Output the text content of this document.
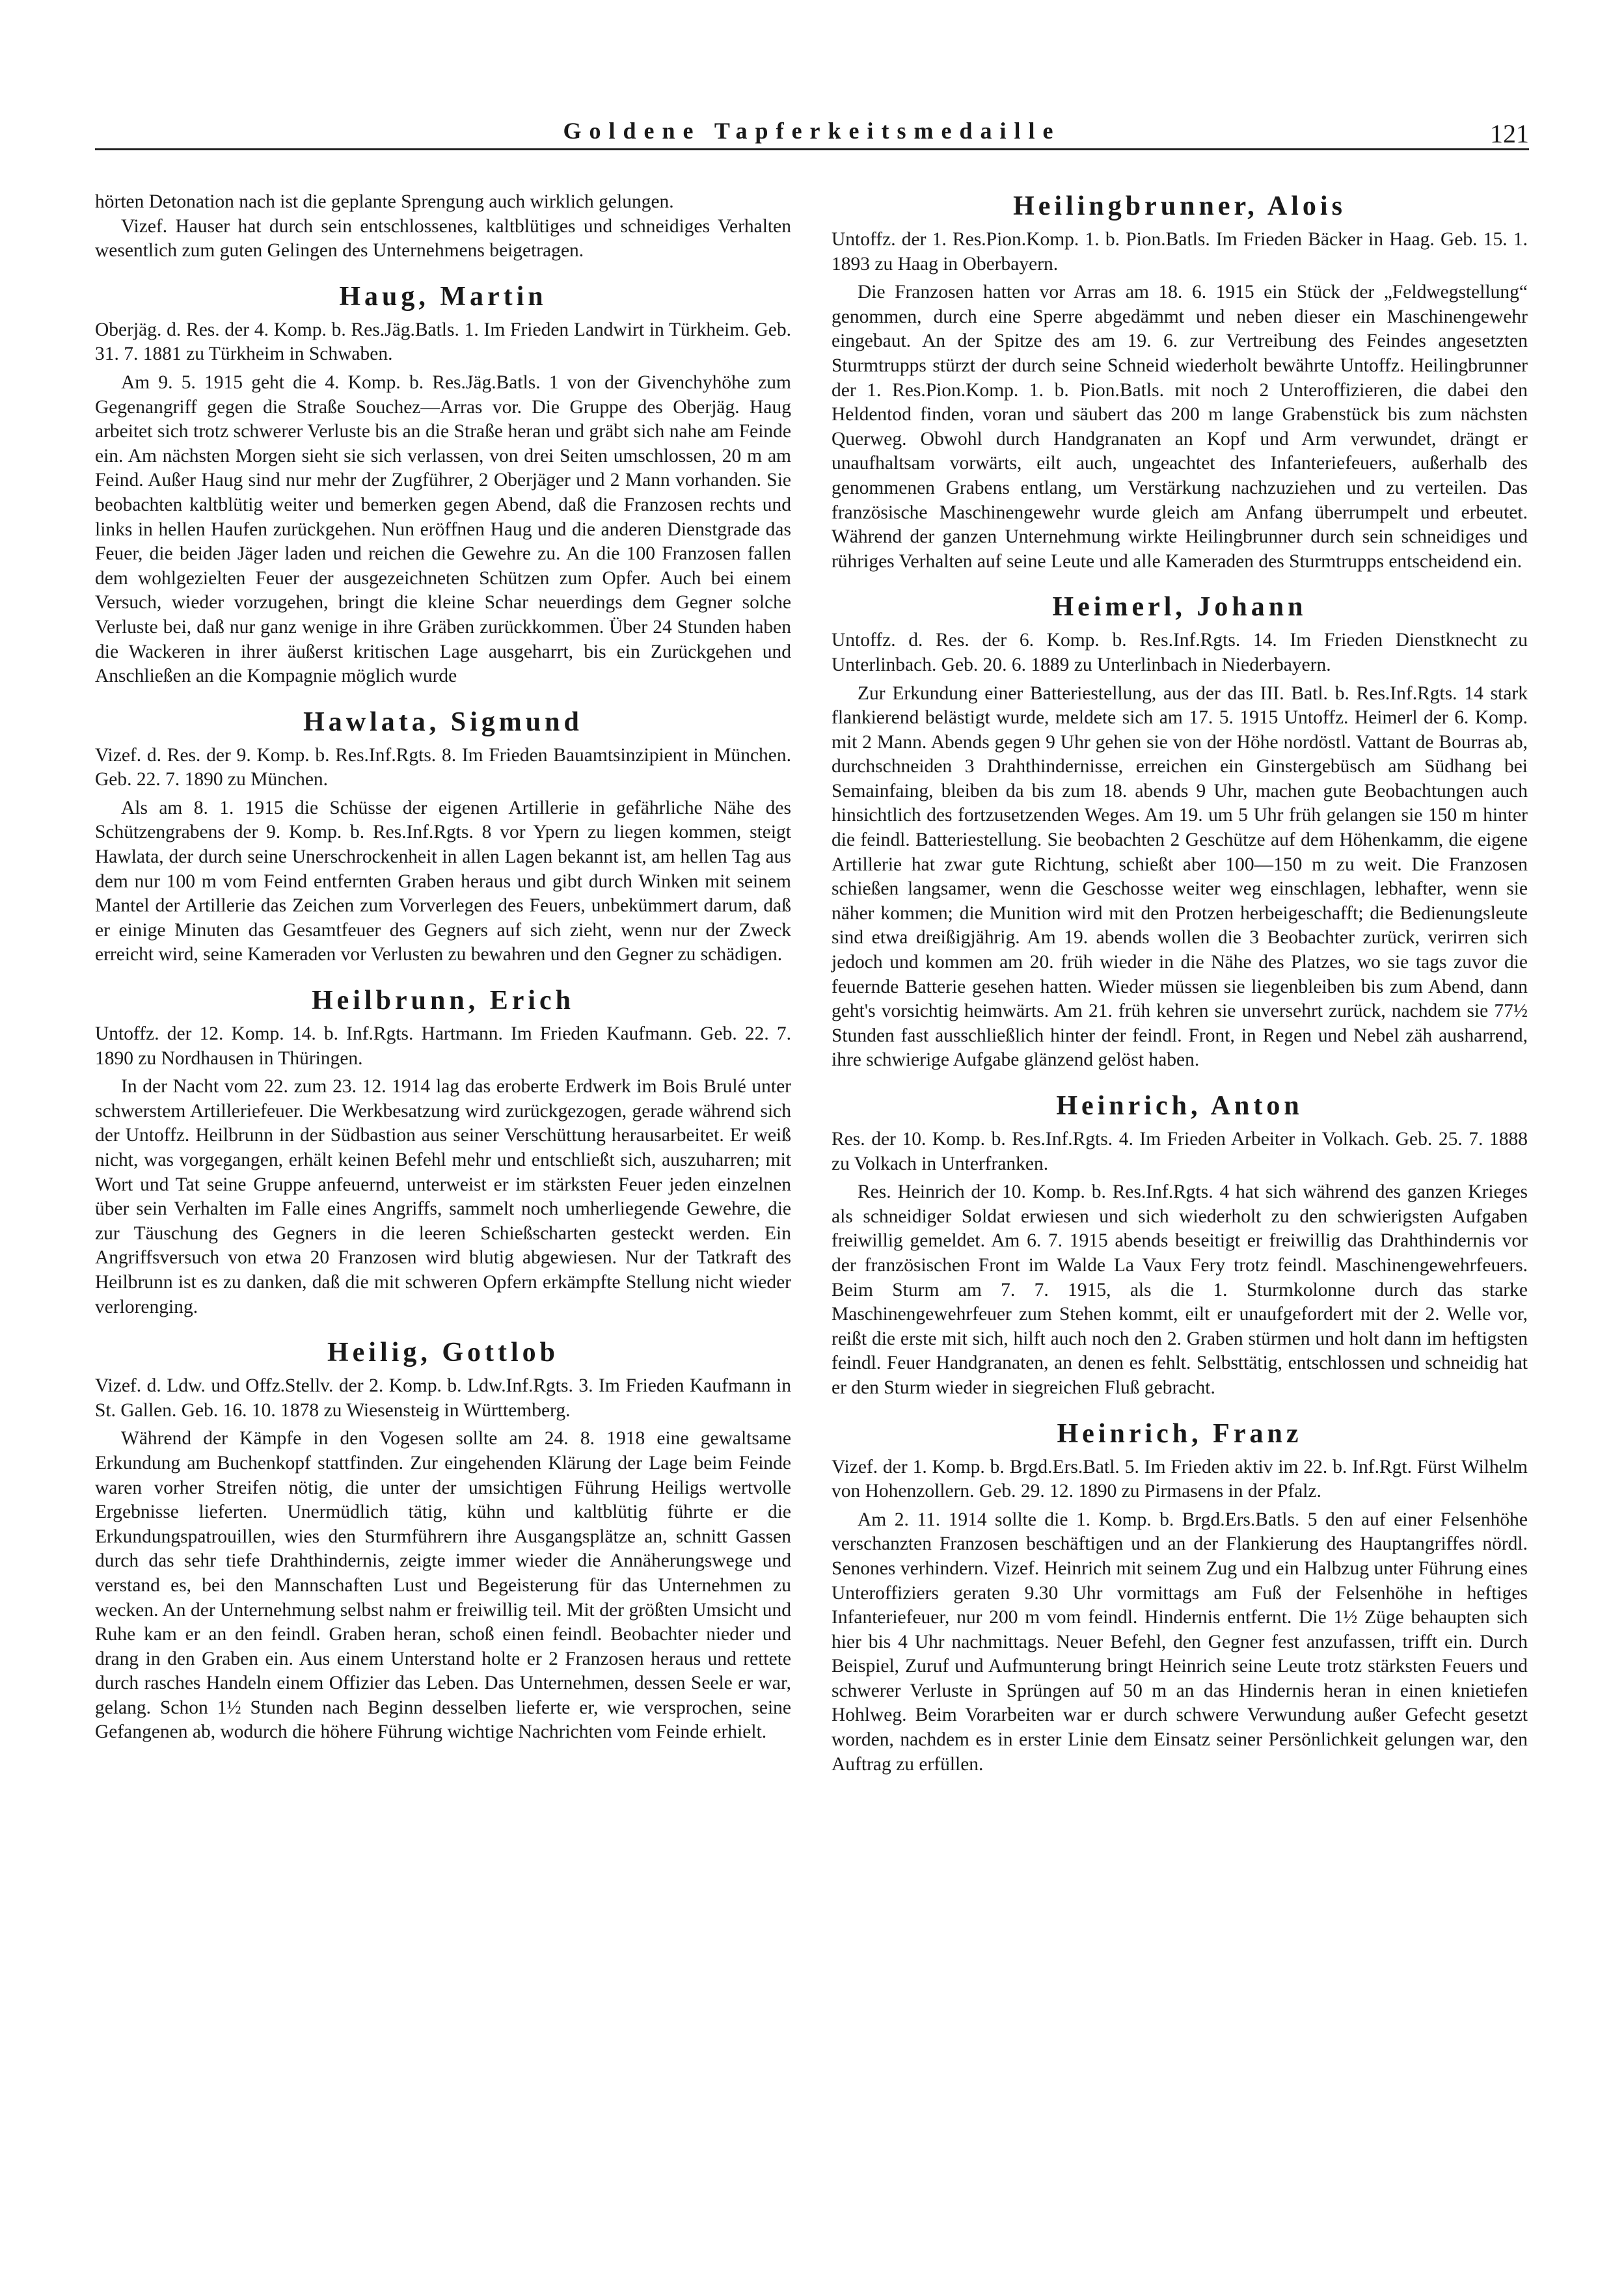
Goldene Tapferkeitsmedaille	121

hörten Detonation nach ist die geplante Sprengung auch wirklich gelungen.

Vizef. Hauser hat durch sein entschlossenes, kaltblütiges und schneidiges Verhalten wesentlich zum guten Gelingen des Unternehmens beigetragen.

Haug, Martin

Oberjäg. d. Res. der 4. Komp. b. Res.Jäg.Batls. 1. Im Frieden Landwirt in Türkheim. Geb. 31. 7. 1881 zu Türkheim in Schwaben.

Am 9. 5. 1915 geht die 4. Komp. b. Res.Jäg.Batls. 1 von der Givenchyhöhe zum Gegenangriff gegen die Straße Souchez—Arras vor. Die Gruppe des Oberjäg. Haug arbeitet sich trotz schwerer Verluste bis an die Straße heran und gräbt sich nahe am Feinde ein. Am nächsten Morgen sieht sie sich verlassen, von drei Seiten umschlossen, 20 m am Feind. Außer Haug sind nur mehr der Zugführer, 2 Oberjäger und 2 Mann vorhanden. Sie beobachten kaltblütig weiter und bemerken gegen Abend, daß die Franzosen rechts und links in hellen Haufen zurückgehen. Nun eröffnen Haug und die anderen Dienstgrade das Feuer, die beiden Jäger laden und reichen die Gewehre zu. An die 100 Franzosen fallen dem wohlgezielten Feuer der ausgezeichneten Schützen zum Opfer. Auch bei einem Versuch, wieder vorzugehen, bringt die kleine Schar neuerdings dem Gegner solche Verluste bei, daß nur ganz wenige in ihre Gräben zurückkommen. Über 24 Stunden haben die Wackeren in ihrer äußerst kritischen Lage ausgeharrt, bis ein Zurückgehen und Anschließen an die Kompagnie möglich wurde

Hawlata, Sigmund

Vizef. d. Res. der 9. Komp. b. Res.Inf.Rgts. 8. Im Frieden Bauamtsinzipient in München. Geb. 22. 7. 1890 zu München.

Als am 8. 1. 1915 die Schüsse der eigenen Artillerie in gefährliche Nähe des Schützengrabens der 9. Komp. b. Res.Inf.Rgts. 8 vor Ypern zu liegen kommen, steigt Hawlata, der durch seine Unerschrockenheit in allen Lagen bekannt ist, am hellen Tag aus dem nur 100 m vom Feind entfernten Graben heraus und gibt durch Winken mit seinem Mantel der Artillerie das Zeichen zum Vorverlegen des Feuers, unbekümmert darum, daß er einige Minuten das Gesamtfeuer des Gegners auf sich zieht, wenn nur der Zweck erreicht wird, seine Kameraden vor Verlusten zu bewahren und den Gegner zu schädigen.

Heilbrunn, Erich

Untoffz. der 12. Komp. 14. b. Inf.Rgts. Hartmann. Im Frieden Kaufmann. Geb. 22. 7. 1890 zu Nordhausen in Thüringen.

In der Nacht vom 22. zum 23. 12. 1914 lag das eroberte Erdwerk im Bois Brulé unter schwerstem Artilleriefeuer. Die Werkbesatzung wird zurückgezogen, gerade während sich der Untoffz. Heilbrunn in der Südbastion aus seiner Verschüttung herausarbeitet. Er weiß nicht, was vorgegangen, erhält keinen Befehl mehr und entschließt sich, auszuharren; mit Wort und Tat seine Gruppe anfeuernd, unterweist er im stärksten Feuer jeden einzelnen über sein Verhalten im Falle eines Angriffs, sammelt noch umherliegende Gewehre, die zur Täuschung des Gegners in die leeren Schießscharten gesteckt werden. Ein Angriffsversuch von etwa 20 Franzosen wird blutig abgewiesen. Nur der Tatkraft des Heilbrunn ist es zu danken, daß die mit schweren Opfern erkämpfte Stellung nicht wieder verlorenging.

Heilig, Gottlob

Vizef. d. Ldw. und Offz.Stellv. der 2. Komp. b. Ldw.Inf.Rgts. 3. Im Frieden Kaufmann in St. Gallen. Geb. 16. 10. 1878 zu Wiesensteig in Württemberg.

Während der Kämpfe in den Vogesen sollte am 24. 8. 1918 eine gewaltsame Erkundung am Buchenkopf stattfinden. Zur eingehenden Klärung der Lage beim Feinde waren vorher Streifen nötig, die unter der umsichtigen Führung Heiligs wertvolle Ergebnisse lieferten. Unermüdlich tätig, kühn und kaltblütig führte er die Erkundungspatrouillen, wies den Sturmführern ihre Ausgangsplätze an, schnitt Gassen durch das sehr tiefe Drahthindernis, zeigte immer wieder die Annäherungswege und verstand es, bei den Mannschaften Lust und Begeisterung für das Unternehmen zu wecken. An der Unternehmung selbst nahm er freiwillig teil. Mit der größten Umsicht und Ruhe kam er an den feindl. Graben heran, schoß einen feindl. Beobachter nieder und drang in den Graben ein. Aus einem Unterstand holte er 2 Franzosen heraus und rettete durch rasches Handeln einem Offizier das Leben. Das Unternehmen, dessen Seele er war, gelang. Schon 1½ Stunden nach Beginn desselben lieferte er, wie versprochen, seine Gefangenen ab, wodurch die höhere Führung wichtige Nachrichten vom Feinde erhielt.

Heilingbrunner, Alois

Untoffz. der 1. Res.Pion.Komp. 1. b. Pion.Batls. Im Frieden Bäcker in Haag. Geb. 15. 1. 1893 zu Haag in Oberbayern.

Die Franzosen hatten vor Arras am 18. 6. 1915 ein Stück der „Feldwegstellung“ genommen, durch eine Sperre abgedämmt und neben dieser ein Maschinengewehr eingebaut. An der Spitze des am 19. 6. zur Vertreibung des Feindes angesetzten Sturmtrupps stürzt der durch seine Schneid wiederholt bewährte Untoffz. Heilingbrunner der 1. Res.Pion.Komp. 1. b. Pion.Batls. mit noch 2 Unteroffizieren, die dabei den Heldentod finden, voran und säubert das 200 m lange Grabenstück bis zum nächsten Querweg. Obwohl durch Handgranaten an Kopf und Arm verwundet, drängt er unaufhaltsam vorwärts, eilt auch, ungeachtet des Infanteriefeuers, außerhalb des genommenen Grabens entlang, um Verstärkung nachzuziehen und zu verteilen. Das französische Maschinengewehr wurde gleich am Anfang überrumpelt und erbeutet. Während der ganzen Unternehmung wirkte Heilingbrunner durch sein schneidiges und rühriges Verhalten auf seine Leute und alle Kameraden des Sturmtrupps entscheidend ein.

Heimerl, Johann

Untoffz. d. Res. der 6. Komp. b. Res.Inf.Rgts. 14. Im Frieden Dienstknecht zu Unterlinbach. Geb. 20. 6. 1889 zu Unterlinbach in Niederbayern.

Zur Erkundung einer Batteriestellung, aus der das III. Batl. b. Res.Inf.Rgts. 14 stark flankierend belästigt wurde, meldete sich am 17. 5. 1915 Untoffz. Heimerl der 6. Komp. mit 2 Mann. Abends gegen 9 Uhr gehen sie von der Höhe nordöstl. Vattant de Bourras ab, durchschneiden 3 Drahthindernisse, erreichen ein Ginstergebüsch am Südhang bei Semainfaing, bleiben da bis zum 18. abends 9 Uhr, machen gute Beobachtungen auch hinsichtlich des fortzusetzenden Weges. Am 19. um 5 Uhr früh gelangen sie 150 m hinter die feindl. Batteriestellung. Sie beobachten 2 Geschütze auf dem Höhenkamm, die eigene Artillerie hat zwar gute Richtung, schießt aber 100—150 m zu weit. Die Franzosen schießen langsamer, wenn die Geschosse weiter weg einschlagen, lebhafter, wenn sie näher kommen; die Munition wird mit den Protzen herbeigeschafft; die Bedienungsleute sind etwa dreißigjährig. Am 19. abends wollen die 3 Beobachter zurück, verirren sich jedoch und kommen am 20. früh wieder in die Nähe des Platzes, wo sie tags zuvor die feuernde Batterie gesehen hatten. Wieder müssen sie liegenbleiben bis zum Abend, dann geht's vorsichtig heimwärts. Am 21. früh kehren sie unversehrt zurück, nachdem sie 77½ Stunden fast ausschließlich hinter der feindl. Front, in Regen und Nebel zäh ausharrend, ihre schwierige Aufgabe glänzend gelöst haben.

Heinrich, Anton

Res. der 10. Komp. b. Res.Inf.Rgts. 4. Im Frieden Arbeiter in Volkach. Geb. 25. 7. 1888 zu Volkach in Unterfranken.

Res. Heinrich der 10. Komp. b. Res.Inf.Rgts. 4 hat sich während des ganzen Krieges als schneidiger Soldat erwiesen und sich wiederholt zu den schwierigsten Aufgaben freiwillig gemeldet. Am 6. 7. 1915 abends beseitigt er freiwillig das Drahthindernis vor der französischen Front im Walde La Vaux Fery trotz feindl. Maschinengewehrfeuers. Beim Sturm am 7. 7. 1915, als die 1. Sturmkolonne durch das starke Maschinengewehrfeuer zum Stehen kommt, eilt er unaufgefordert mit der 2. Welle vor, reißt die erste mit sich, hilft auch noch den 2. Graben stürmen und holt dann im heftigsten feindl. Feuer Handgranaten, an denen es fehlt. Selbsttätig, entschlossen und schneidig hat er den Sturm wieder in siegreichen Fluß gebracht.

Heinrich, Franz

Vizef. der 1. Komp. b. Brgd.Ers.Batl. 5. Im Frieden aktiv im 22. b. Inf.Rgt. Fürst Wilhelm von Hohenzollern. Geb. 29. 12. 1890 zu Pirmasens in der Pfalz.

Am 2. 11. 1914 sollte die 1. Komp. b. Brgd.Ers.Batls. 5 den auf einer Felsenhöhe verschanzten Franzosen beschäftigen und an der Flankierung des Hauptangriffes nördl. Senones verhindern. Vizef. Heinrich mit seinem Zug und ein Halbzug unter Führung eines Unteroffiziers geraten 9.30 Uhr vormittags am Fuß der Felsenhöhe in heftiges Infanteriefeuer, nur 200 m vom feindl. Hindernis entfernt. Die 1½ Züge behaupten sich hier bis 4 Uhr nachmittags. Neuer Befehl, den Gegner fest anzufassen, trifft ein. Durch Beispiel, Zuruf und Aufmunterung bringt Heinrich seine Leute trotz stärksten Feuers und schwerer Verluste in Sprüngen auf 50 m an das Hindernis heran in einen knietiefen Hohlweg. Beim Vorarbeiten war er durch schwere Verwundung außer Gefecht gesetzt worden, nachdem es in erster Linie dem Einsatz seiner Persönlichkeit gelungen war, den Auftrag zu erfüllen.
